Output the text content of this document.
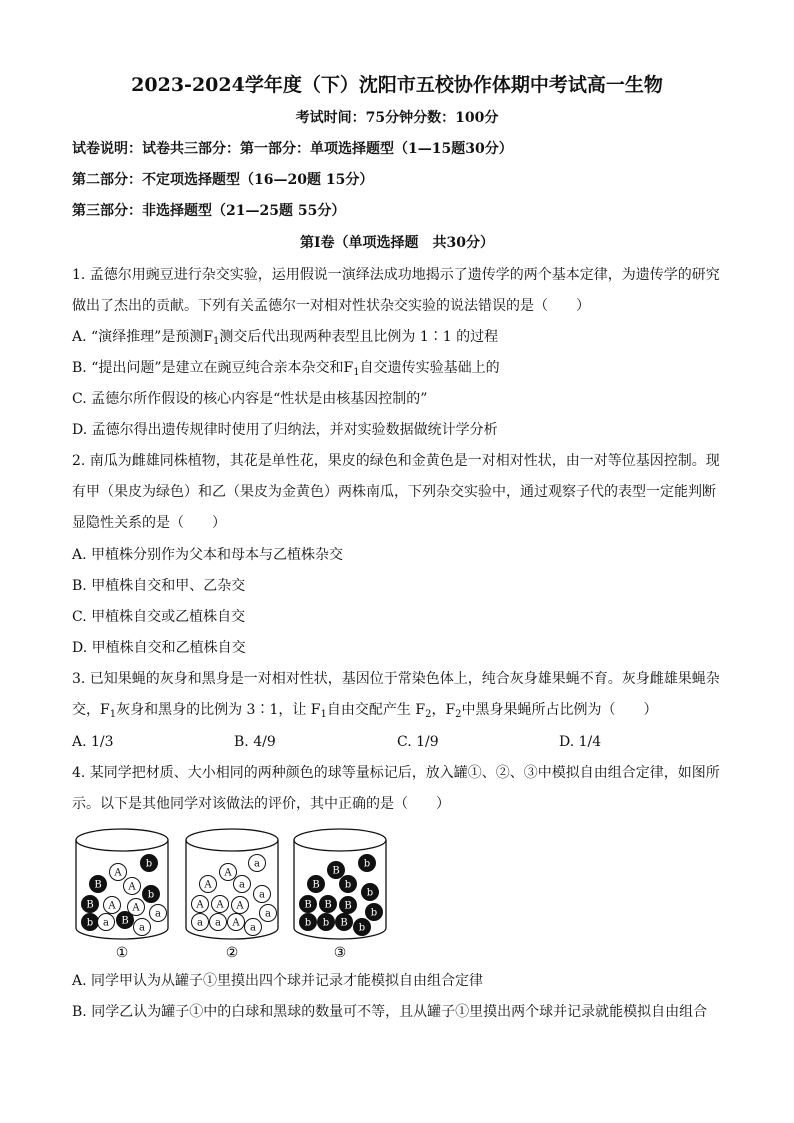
2023-2024学年度（下）沈阳市五校协作体期中考试高一生物
考试时间：75分钟分数：100分
试卷说明：试卷共三部分：第一部分：单项选择题型（1—15题30分）
第二部分：不定项选择题型（16—20题 15分）
第三部分：非选择题型（21—25题 55分）
第Ⅰ卷（单项选择题　共30分）
1. 孟德尔用豌豆进行杂交实验，运用假说一演绎法成功地揭示了遗传学的两个基本定律，为遗传学的研究
做出了杰出的贡献。下列有关孟德尔一对相对性状杂交实验的说法错误的是（　　）
A. “演绎推理”是预测$F_1$测交后代出现两种表型且比例为 1∶1 的过程
B. “提出问题”是建立在豌豆纯合亲本杂交和$F_1$自交遗传实验基础上的
C. 孟德尔所作假设的核心内容是“性状是由核基因控制的”
D. 孟德尔得出遗传规律时使用了归纳法，并对实验数据做统计学分析
2. 南瓜为雌雄同株植物，其花是单性花，果皮的绿色和金黄色是一对相对性状，由一对等位基因控制。现
有甲（果皮为绿色）和乙（果皮为金黄色）两株南瓜，下列杂交实验中，通过观察子代的表型一定能判断
显隐性关系的是（　　）
A. 甲植株分别作为父本和母本与乙植株杂交
B. 甲植株自交和甲、乙杂交
C. 甲植株自交或乙植株自交
D. 甲植株自交和乙植株自交
3. 已知果蝇的灰身和黑身是一对相对性状，基因位于常染色体上，纯合灰身雄果蝇不育。灰身雌雄果蝇杂
交，$F_1$灰身和黑身的比例为 3∶1，让 $F_1$自由交配产生 $F_2$，$F_2$中黑身果蝇所占比例为（　　）
A. 1/3	B. 4/9	C. 1/9	D. 1/4
4. 某同学把材质、大小相同的两种颜色的球等量标记后，放入罐①、②、③中模拟自由组合定律，如图所
示。以下是其他同学对该做法的评价，其中正确的是（　　）
b
A
B	A
b
B A A
a
b a B
a
①
a
A
A	a
a
A A A
a
a a A a
②
b
B
B	b
b
B B B
b
b b B b
③
A. 同学甲认为从罐子①里摸出四个球并记录才能模拟自由组合定律
B. 同学乙认为罐子①中的白球和黑球的数量可不等，且从罐子①里摸出两个球并记录就能模拟自由组合
